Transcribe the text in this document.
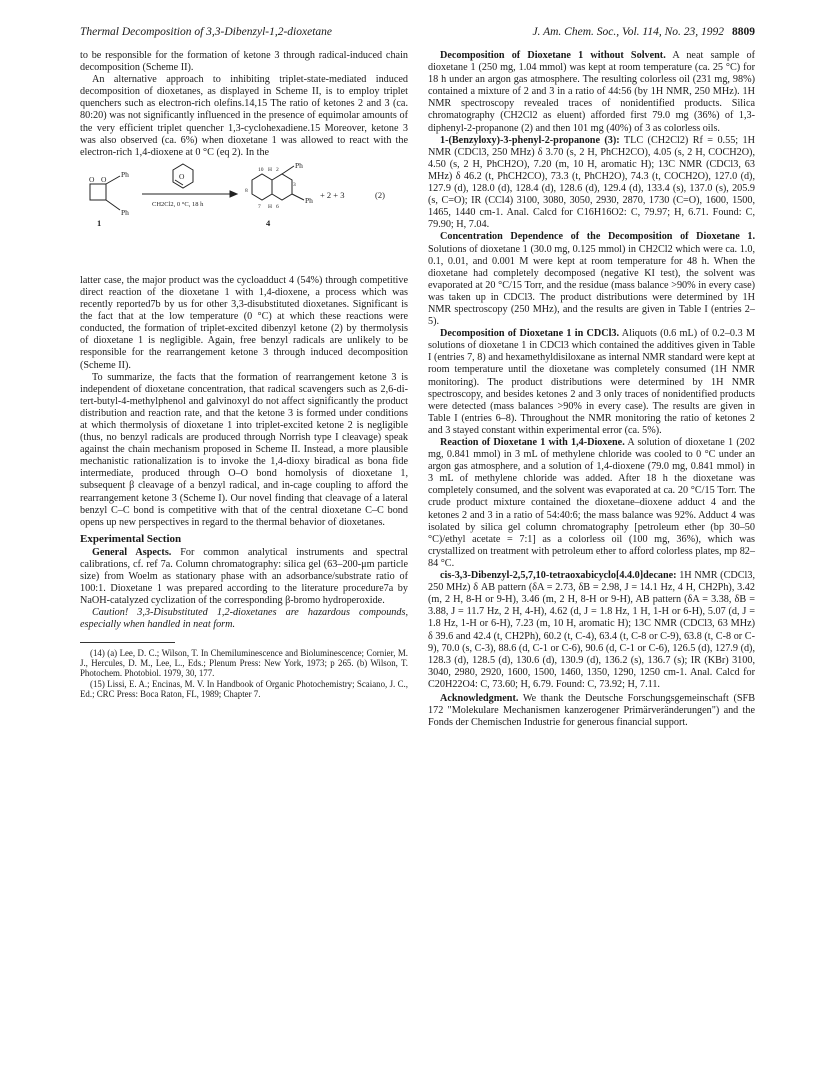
Thermal Decomposition of 3,3-Dibenzyl-1,2-dioxetane	J. Am. Chem. Soc., Vol. 114, No. 23, 1992 8809

to be responsible for the formation of ketone 3 through radical-induced chain decomposition (Scheme II).

An alternative approach to inhibiting triplet-state-mediated induced decomposition of dioxetanes, as displayed in Scheme II, is to employ triplet quenchers such as electron-rich olefins.14,15 The ratio of ketones 2 and 3 (ca. 80:20) was not significantly influenced in the presence of equimolar amounts of the very efficient triplet quencher 1,3-cyclohexadiene.15 Moreover, ketone 3 was also observed (ca. 6%) when dioxetane 1 was allowed to react with the electron-rich 1,4-dioxene at 0 °C (eq 2). In the

O O
Ph
Ph
1
O
CH2Cl2, 0 °C, 18 h
8
10 H 2
7 H 6
3
Ph
Ph
4
+ 2 + 3	(2)

latter case, the major product was the cycloadduct 4 (54%) through competitive direct reaction of the dioxetane 1 with 1,4-dioxene, a process which was recently reported7b by us for other 3,3-disubstituted dioxetanes. Significant is the fact that at the low temperature (0 °C) at which these reactions were conducted, the formation of triplet-excited dibenzyl ketone (2) by thermolysis of dioxetane 1 is negligible. Again, free benzyl radicals are unlikely to be responsible for the rearrangement ketone 3 through induced decomposition (Scheme II).

To summarize, the facts that the formation of rearrangement ketone 3 is independent of dioxetane concentration, that radical scavengers such as 2,6-di-tert-butyl-4-methylphenol and galvinoxyl do not affect significantly the product distribution and reaction rate, and that the ketone 3 is formed under conditions at which thermolysis of dioxetane 1 into triplet-excited ketone 2 is negligible (thus, no benzyl radicals are produced through Norrish type I cleavage) speak against the chain mechanism proposed in Scheme II. Instead, a more plausible mechanistic rationalization is to invoke the 1,4-dioxy biradical as bona fide intermediate, produced through O–O bond homolysis of dioxetane 1, subsequent β cleavage of a benzyl radical, and in-cage coupling to afford the rearrangement ketone 3 (Scheme I). Our novel finding that cleavage of a lateral benzyl C–C bond is competitive with that of the central dioxetane C–C bond opens up new perspectives in regard to the thermal behavior of dioxetanes.

Experimental Section

General Aspects. For common analytical instruments and spectral calibrations, cf. ref 7a. Column chromatography: silica gel (63–200-μm particle size) from Woelm as stationary phase with an adsorbance/substrate ratio of 100:1. Dioxetane 1 was prepared according to the literature procedure7a by NaOH-catalyzed cyclization of the corresponding β-bromo hydroperoxide.

Caution! 3,3-Disubstituted 1,2-dioxetanes are hazardous compounds, especially when handled in neat form.

(14) (a) Lee, D. C.; Wilson, T. In Chemiluminescence and Bioluminescence; Cornier, M. J., Hercules, D. M., Lee, L., Eds.; Plenum Press: New York, 1973; p 265. (b) Wilson, T. Photochem. Photobiol. 1979, 30, 177.

(15) Lissi, E. A.; Encinas, M. V. In Handbook of Organic Photochemistry; Scaiano, J. C., Ed.; CRC Press: Boca Raton, FL, 1989; Chapter 7.

Decomposition of Dioxetane 1 without Solvent. A neat sample of dioxetane 1 (250 mg, 1.04 mmol) was kept at room temperature (ca. 25 °C) for 18 h under an argon gas atmosphere. The resulting colorless oil (231 mg, 98%) contained a mixture of 2 and 3 in a ratio of 44:56 (by 1H NMR, 250 MHz). 1H NMR spectroscopy revealed traces of nonidentified products. Silica chromatography (CH2Cl2 as eluent) afforded first 79.0 mg (36%) of 1,3-diphenyl-2-propanone (2) and then 101 mg (40%) of 3 as colorless oils.

1-(Benzyloxy)-3-phenyl-2-propanone (3): TLC (CH2Cl2) Rf = 0.55; 1H NMR (CDCl3, 250 MHz) δ 3.70 (s, 2 H, PhCH2CO), 4.05 (s, 2 H, COCH2O), 4.50 (s, 2 H, PhCH2O), 7.20 (m, 10 H, aromatic H); 13C NMR (CDCl3, 63 MHz) δ 46.2 (t, PhCH2CO), 73.3 (t, PhCH2O), 74.3 (t, COCH2O), 127.0 (d), 127.9 (d), 128.0 (d), 128.4 (d), 128.6 (d), 129.4 (d), 133.4 (s), 137.0 (s), 205.9 (s, C=O); IR (CCl4) 3100, 3080, 3050, 2930, 2870, 1730 (C=O), 1600, 1500, 1465, 1440 cm-1. Anal. Calcd for C16H16O2: C, 79.97; H, 6.71. Found: C, 79.90; H, 7.04.

Concentration Dependence of the Decomposition of Dioxetane 1. Solutions of dioxetane 1 (30.0 mg, 0.125 mmol) in CH2Cl2 which were ca. 1.0, 0.1, 0.01, and 0.001 M were kept at room temperature for 48 h. When the dioxetane had completely decomposed (negative KI test), the solvent was evaporated at 20 °C/15 Torr, and the residue (mass balance >90% in every case) was taken up in CDCl3. The product distributions were determined by 1H NMR spectroscopy (250 MHz), and the results are given in Table I (entries 2–5).

Decomposition of Dioxetane 1 in CDCl3. Aliquots (0.6 mL) of 0.2–0.3 M solutions of dioxetane 1 in CDCl3 which contained the additives given in Table I (entries 7, 8) and hexamethyldisiloxane as internal NMR standard were kept at room temperature until the dioxetane was completely consumed (1H NMR monitoring). The product distributions were determined by 1H NMR spectroscopy, and besides ketones 2 and 3 only traces of nonidentified products were detected (mass balances >90% in every case). The results are given in Table I (entries 6–8). Throughout the NMR monitoring the ratio of ketones 2 and 3 stayed constant within experimental error (ca. 5%).

Reaction of Dioxetane 1 with 1,4-Dioxene. A solution of dioxetane 1 (202 mg, 0.841 mmol) in 3 mL of methylene chloride was cooled to 0 °C under an argon gas atmosphere, and a solution of 1,4-dioxene (79.0 mg, 0.841 mmol) in 3 mL of methylene chloride was added. After 18 h the dioxetane was completely consumed, and the solvent was evaporated at ca. 20 °C/15 Torr. The crude product mixture contained the dioxetane–dioxene adduct 4 and the ketones 2 and 3 in a ratio of 54:40:6; the mass balance was 92%. Adduct 4 was isolated by silica gel column chromatography [petroleum ether (bp 30–50 °C)/ethyl acetate = 7:1] as a colorless oil (100 mg, 36%), which was crystallized on treatment with petroleum ether to afford colorless plates, mp 82–84 °C.

cis-3,3-Dibenzyl-2,5,7,10-tetraoxabicyclo[4.4.0]decane: 1H NMR (CDCl3, 250 MHz) δ AB pattern (δA = 2.73, δB = 2.98, J = 14.1 Hz, 4 H, CH2Ph), 3.42 (m, 2 H, 8-H or 9-H), 3.46 (m, 2 H, 8-H or 9-H), AB pattern (δA = 3.38, δB = 3.88, J = 11.7 Hz, 2 H, 4-H), 4.62 (d, J = 1.8 Hz, 1 H, 1-H or 6-H), 5.07 (d, J = 1.8 Hz, 1-H or 6-H), 7.23 (m, 10 H, aromatic H); 13C NMR (CDCl3, 63 MHz) δ 39.6 and 42.4 (t, CH2Ph), 60.2 (t, C-4), 63.4 (t, C-8 or C-9), 63.8 (t, C-8 or C-9), 70.0 (s, C-3), 88.6 (d, C-1 or C-6), 90.6 (d, C-1 or C-6), 126.5 (d), 127.9 (d), 128.3 (d), 128.5 (d), 130.6 (d), 130.9 (d), 136.2 (s), 136.7 (s); IR (KBr) 3100, 3040, 2980, 2920, 1600, 1500, 1460, 1350, 1290, 1250 cm-1. Anal. Calcd for C20H22O4: C, 73.60; H, 6.79. Found: C, 73.92; H, 7.11.

Acknowledgment. We thank the Deutsche Forschungsgemeinschaft (SFB 172 "Molekulare Mechanismen kanzerogener Primärveränderungen") and the Fonds der Chemischen Industrie for generous financial support.
